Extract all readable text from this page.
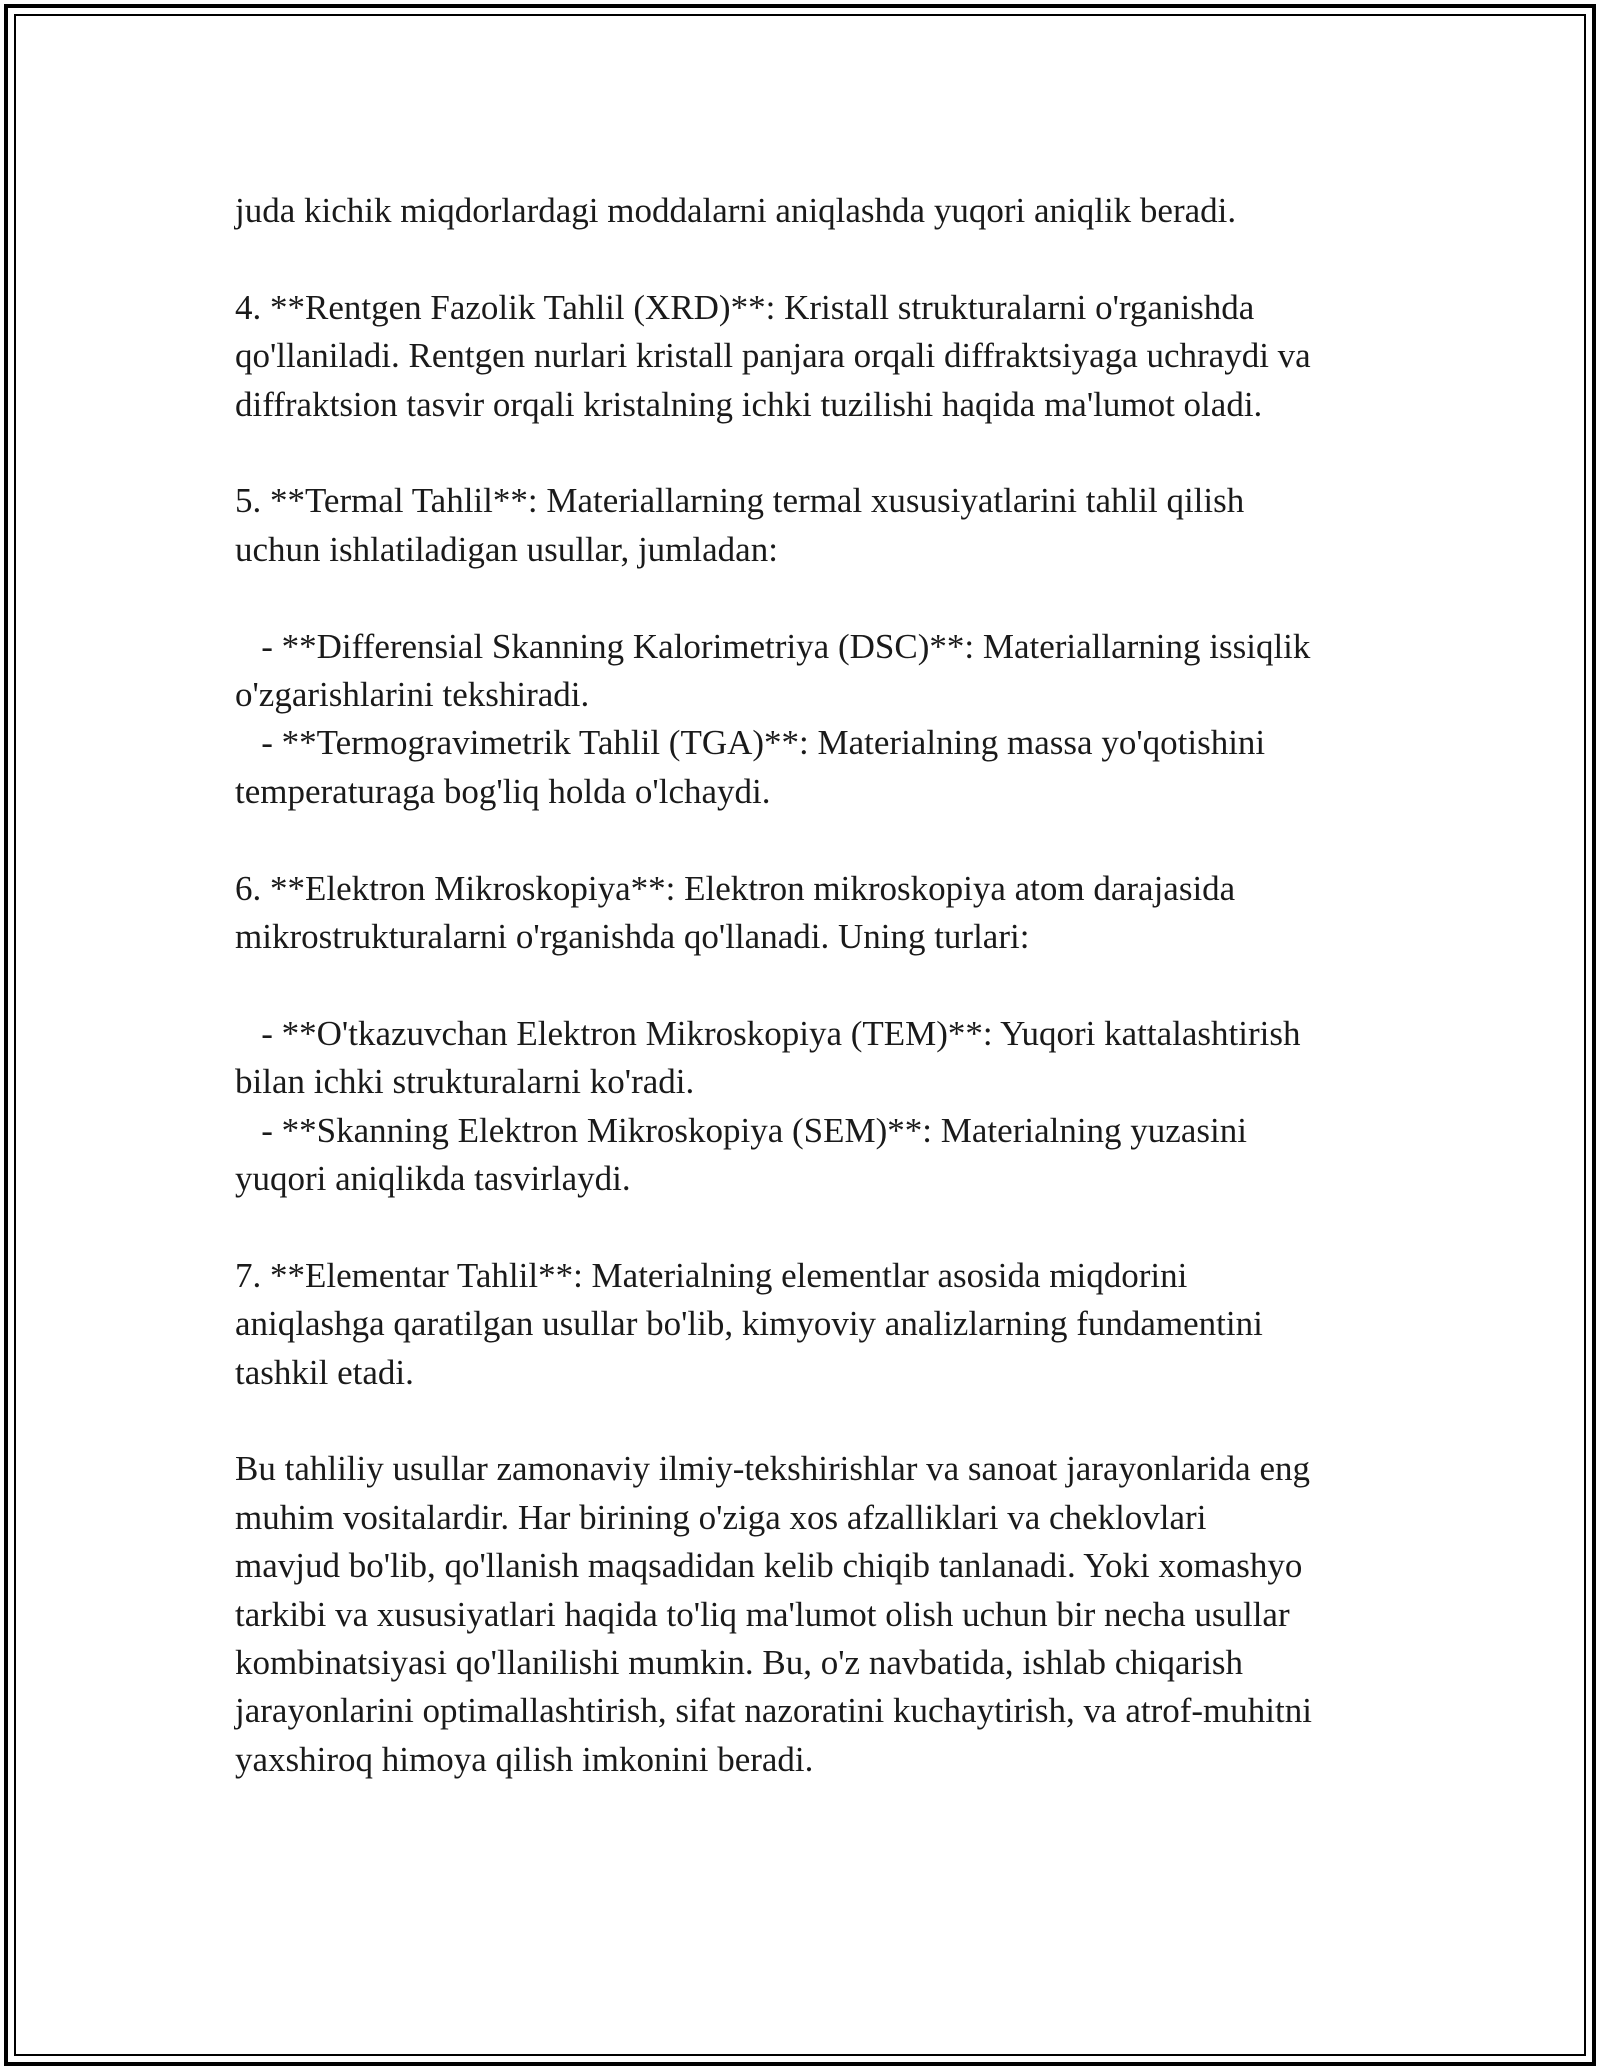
juda kichik miqdorlardagi moddalarni aniqlashda yuqori aniqlik beradi.

4. **Rentgen Fazolik Tahlil (XRD)**: Kristall strukturalarni o'rganishda

qo'llaniladi. Rentgen nurlari kristall panjara orqali diffraktsiyaga uchraydi va

diffraktsion tasvir orqali kristalning ichki tuzilishi haqida ma'lumot oladi.

5. **Termal Tahlil**: Materiallarning termal xususiyatlarini tahlil qilish

uchun ishlatiladigan usullar, jumladan:

- **Differensial Skanning Kalorimetriya (DSC)**: Materiallarning issiqlik

o'zgarishlarini tekshiradi.

- **Termogravimetrik Tahlil (TGA)**: Materialning massa yo'qotishini

temperaturaga bog'liq holda o'lchaydi.

6. **Elektron Mikroskopiya**: Elektron mikroskopiya atom darajasida

mikrostrukturalarni o'rganishda qo'llanadi. Uning turlari:

- **O'tkazuvchan Elektron Mikroskopiya (TEM)**: Yuqori kattalashtirish

bilan ichki strukturalarni ko'radi.

- **Skanning Elektron Mikroskopiya (SEM)**: Materialning yuzasini

yuqori aniqlikda tasvirlaydi.

7. **Elementar Tahlil**: Materialning elementlar asosida miqdorini

aniqlashga qaratilgan usullar bo'lib, kimyoviy analizlarning fundamentini

tashkil etadi.

Bu tahliliy usullar zamonaviy ilmiy-tekshirishlar va sanoat jarayonlarida eng

muhim vositalardir. Har birining o'ziga xos afzalliklari va cheklovlari

mavjud bo'lib, qo'llanish maqsadidan kelib chiqib tanlanadi. Yoki xomashyo

tarkibi va xususiyatlari haqida to'liq ma'lumot olish uchun bir necha usullar

kombinatsiyasi qo'llanilishi mumkin. Bu, o'z navbatida, ishlab chiqarish

jarayonlarini optimallashtirish, sifat nazoratini kuchaytirish, va atrof-muhitni

yaxshiroq himoya qilish imkonini beradi.
